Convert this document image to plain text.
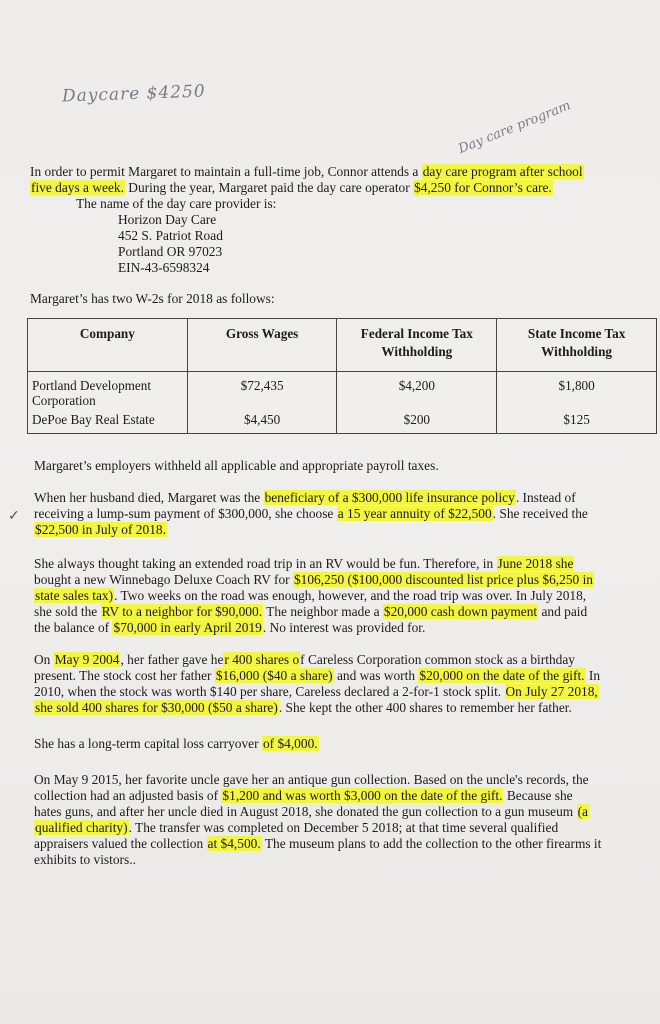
Daycare $4250
Day care program
In order to permit Margaret to maintain a full-time job, Connor attends a day care program after school
five days a week. During the year, Margaret paid the day care operator $4,250 for Connor’s care.
The name of the day care provider is:
Horizon Day Care
452 S. Patriot Road
Portland OR 97023
EIN-43-6598324
Margaret’s has two W-2s for 2018 as follows:
Company	Gross Wages	Federal Income Tax Withholding	State Income Tax Withholding
Portland Development Corporation	$72,435	$4,200	$1,800
DePoe Bay Real Estate	$4,450	$200	$125
Margaret’s employers withheld all applicable and appropriate payroll taxes.
When her husband died, Margaret was the beneficiary of a $300,000 life insurance policy. Instead of
receiving a lump-sum payment of $300,000, she choose a 15 year annuity of $22,500. She received the
✓
$22,500 in July of 2018.
She always thought taking an extended road trip in an RV would be fun. Therefore, in June 2018 she
bought a new Winnebago Deluxe Coach RV for $106,250 ($100,000 discounted list price plus $6,250 in
state sales tax). Two weeks on the road was enough, however, and the road trip was over. In July 2018,
she sold the RV to a neighbor for $90,000. The neighbor made a $20,000 cash down payment and paid
the balance of $70,000 in early April 2019. No interest was provided for.
On May 9 2004, her father gave her 400 shares of Careless Corporation common stock as a birthday
present. The stock cost her father $16,000 ($40 a share) and was worth $20,000 on the date of the gift. In
2010, when the stock was worth $140 per share, Careless declared a 2-for-1 stock split. On July 27 2018,
she sold 400 shares for $30,000 ($50 a share). She kept the other 400 shares to remember her father.
She has a long-term capital loss carryover of $4,000.
On May 9 2015, her favorite uncle gave her an antique gun collection. Based on the uncle's records, the
collection had an adjusted basis of $1,200 and was worth $3,000 on the date of the gift. Because she
hates guns, and after her uncle died in August 2018, she donated the gun collection to a gun museum (a
qualified charity). The transfer was completed on December 5 2018; at that time several qualified
appraisers valued the collection at $4,500. The museum plans to add the collection to the other firearms it
exhibits to vistors..
